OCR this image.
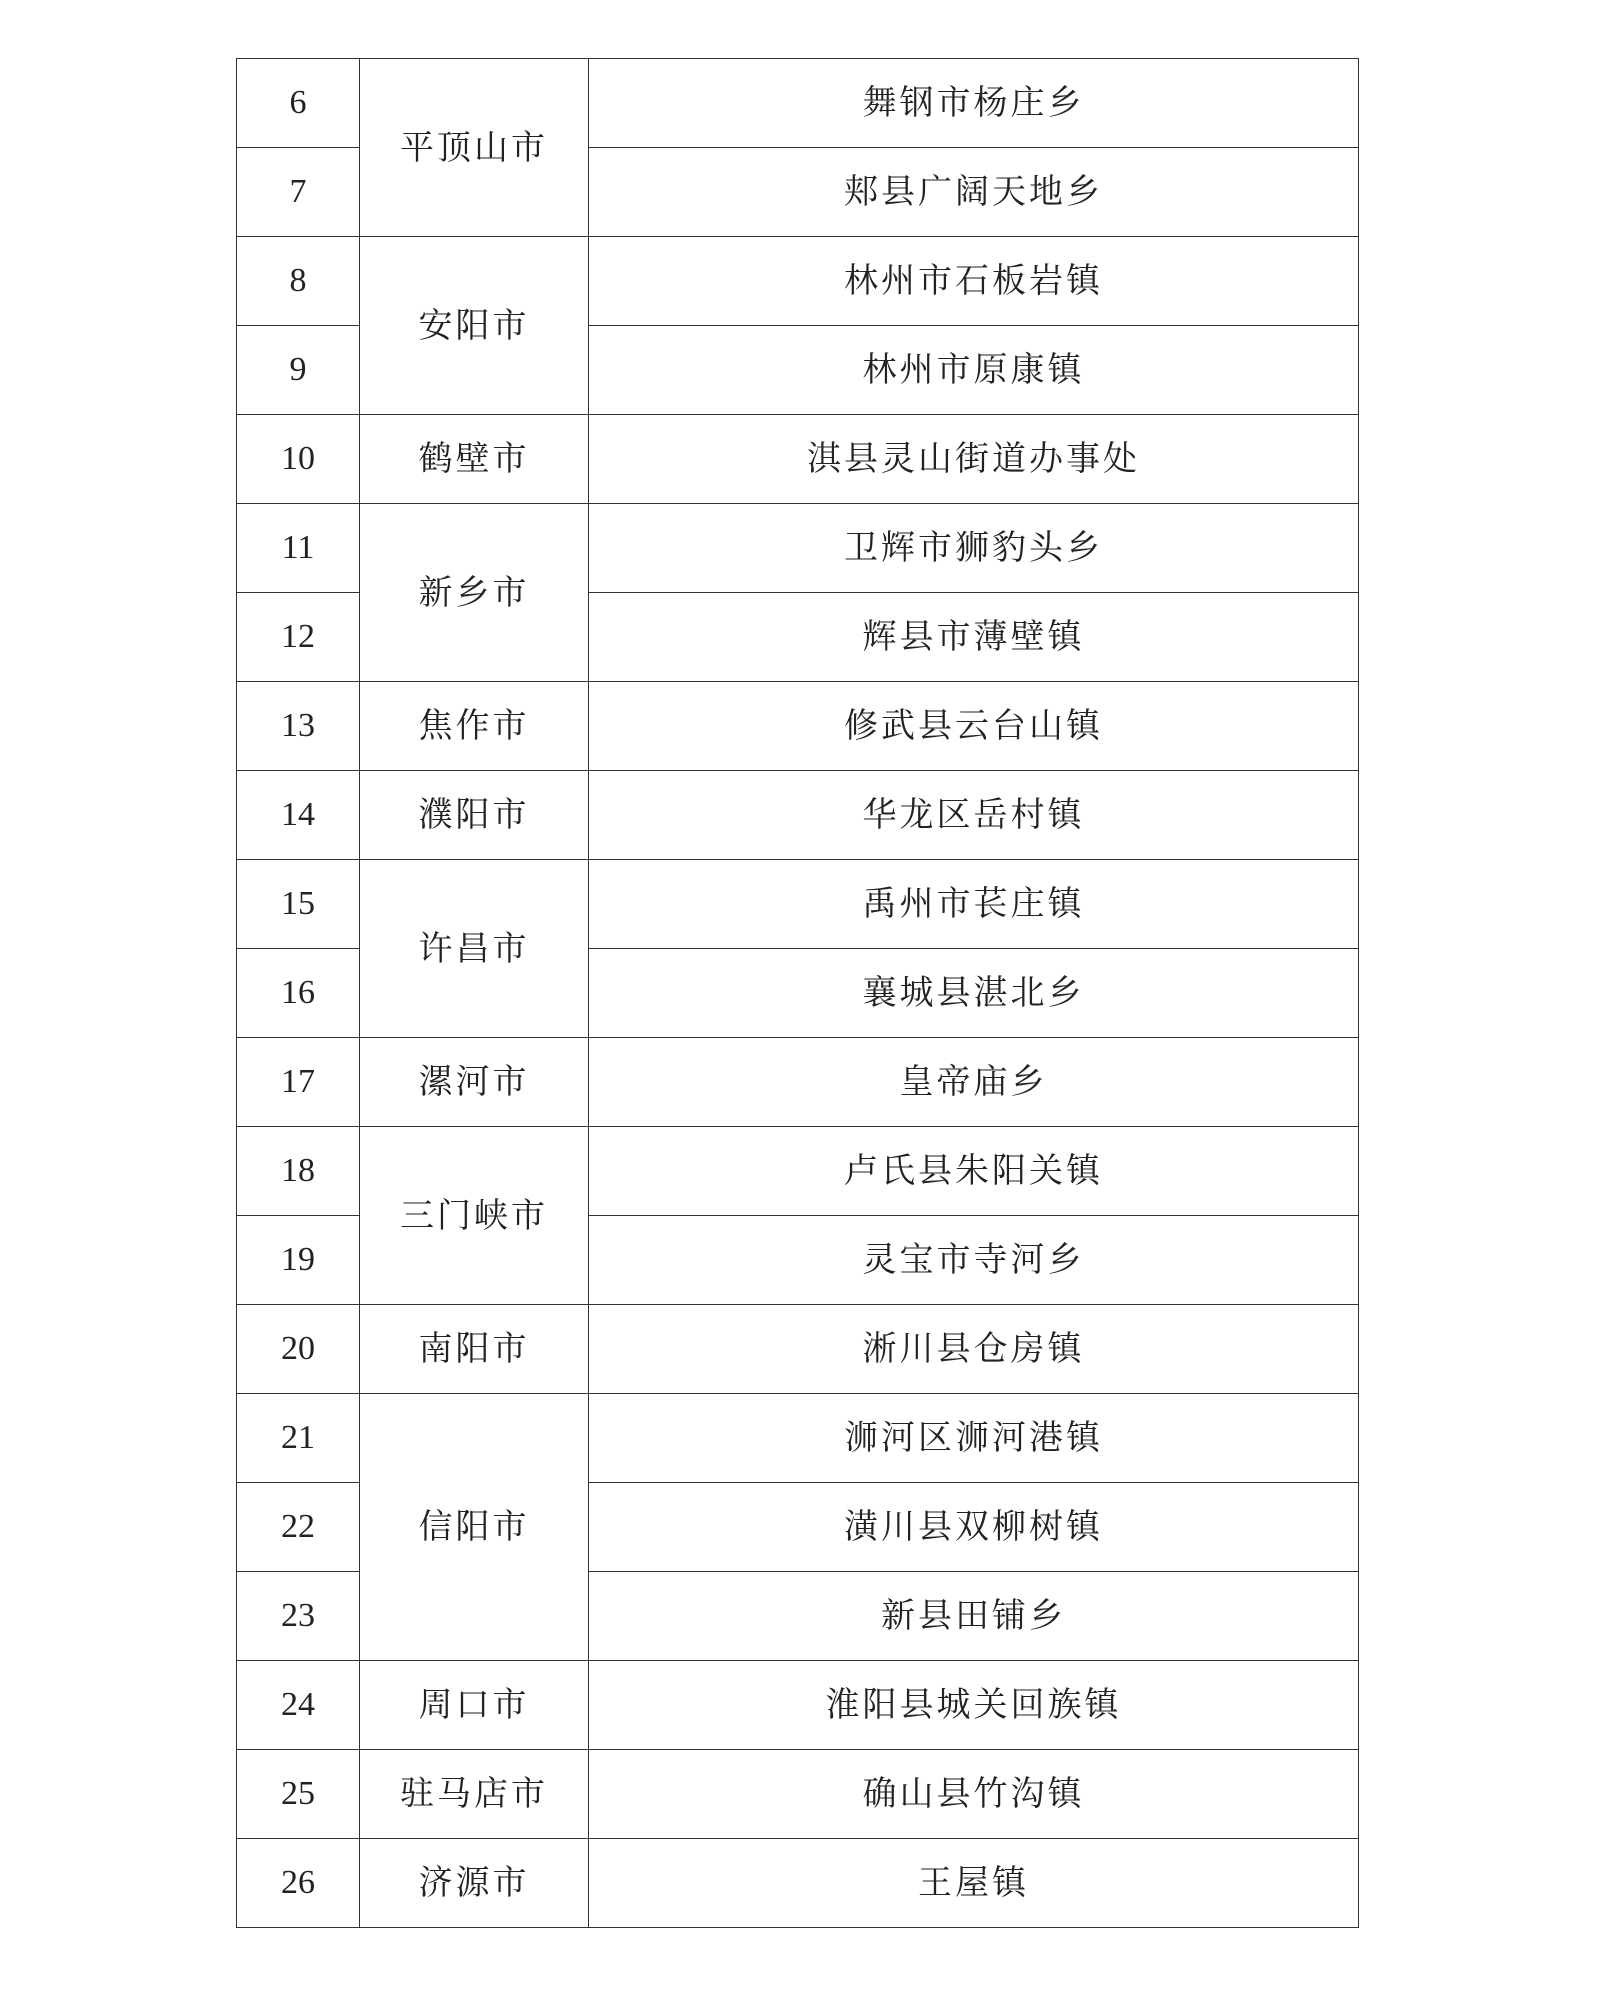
6	平顶山市	舞钢市杨庄乡
7		郏县广阔天地乡
8	安阳市	林州市石板岩镇
9		林州市原康镇
10	鹤壁市	淇县灵山街道办事处
11	新乡市	卫辉市狮豹头乡
12		辉县市薄壁镇
13	焦作市	修武县云台山镇
14	濮阳市	华龙区岳村镇
15	许昌市	禹州市苌庄镇
16		襄城县湛北乡
17	漯河市	皇帝庙乡
18	三门峡市	卢氏县朱阳关镇
19		灵宝市寺河乡
20	南阳市	淅川县仓房镇
21	信阳市	浉河区浉河港镇
22		潢川县双柳树镇
23		新县田铺乡
24	周口市	淮阳县城关回族镇
25	驻马店市	确山县竹沟镇
26	济源市	王屋镇
